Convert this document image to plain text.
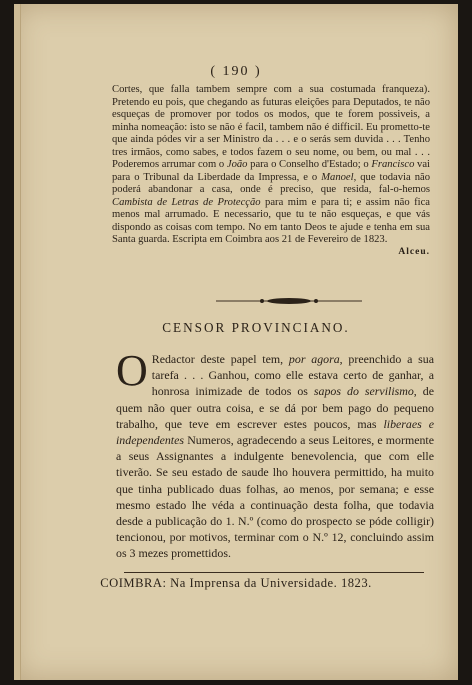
( 190 )

Cortes, que falla tambem sempre com a sua costumada franqueza). Pretendo eu pois, que chegando as futuras eleições para Deputados, te não esqueças de promover por todos os modos, que te forem possiveis, a minha nomeação: isto se não é facil, tambem não é difficil. Eu prometto-te que ainda pódes vir a ser Ministro da . . . e o serás sem duvida . . . Tenho tres irmãos, como sabes, e todos fazem o seu nome, ou bem, ou mal . . . Poderemos arrumar com o João para o Conselho d'Estado; o Francisco vai para o Tribunal da Liberdade da Impressa, e o Manoel, que todavia não poderá abandonar a casa, onde é preciso, que resida, fal-o-hemos Cambista de Letras de Protecção para mim e para ti; e assim não fica menos mal arrumado. E necessario, que tu te não esqueças, e que vás dispondo as coisas com tempo. No em tanto Deos te ajude e tenha em sua Santa guarda. Escripta em Coimbra aos 21 de Fevereiro de 1823.

Alceu.
CENSOR PROVINCIANO.

O Redactor deste papel tem, por agora, preenchido a sua tarefa . . . Ganhou, como elle estava certo de ganhar, a honrosa inimizade de todos os sapos do servilismo, de quem não quer outra coisa, e se dá por bem pago do pequeno trabalho, que teve em escrever estes poucos, mas liberaes e independentes Numeros, agradecendo a seus Leitores, e mormente a seus Assignantes a indulgente benevolencia, que com elle tiverão. Se seu estado de saude lho houvera permittido, ha muito que tinha publicado duas folhas, ao menos, por semana; e esse mesmo estado lhe véda a continuação desta folha, que todavia desde a publicação do 1. N.º (como do prospecto se póde colligir) tencionou, por motivos, terminar com o N.º 12, concluindo assim os 3 mezes promettidos.

COIMBRA: Na Imprensa da Universidade. 1823.
